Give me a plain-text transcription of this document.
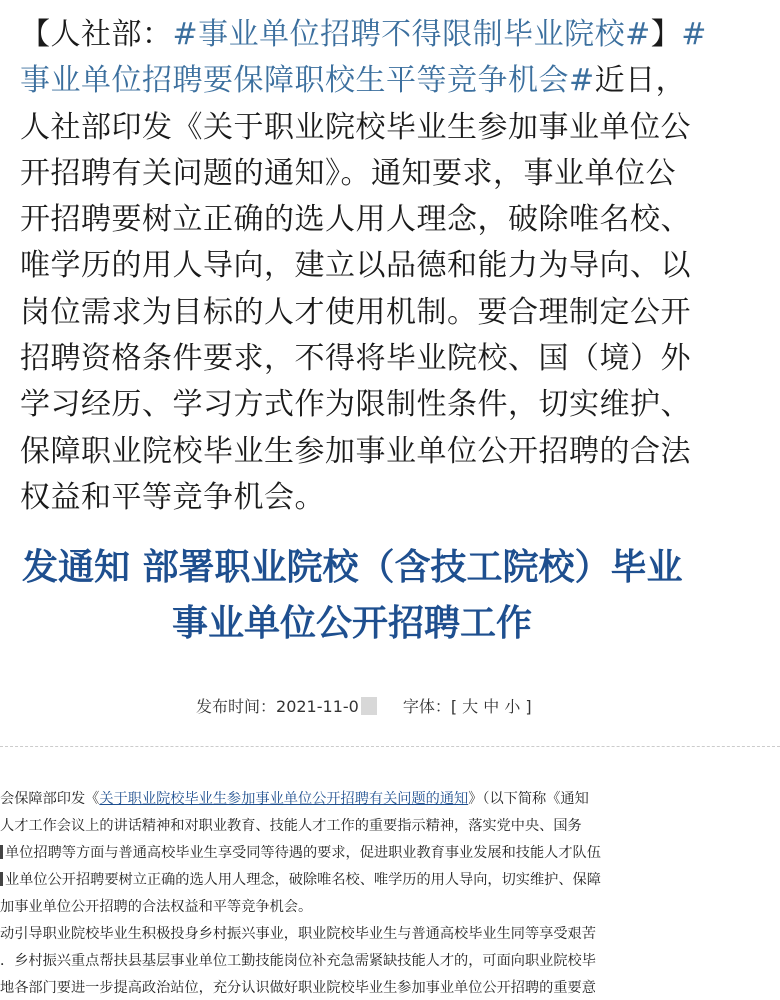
【人社部：#事业单位招聘不得限制毕业院校#】#
事业单位招聘要保障职校生平等竞争机会#近日，
人社部印发《关于职业院校毕业生参加事业单位公
开招聘有关问题的通知》。通知要求，事业单位公
开招聘要树立正确的选人用人理念，破除唯名校、
唯学历的用人导向，建立以品德和能力为导向、以
岗位需求为目标的人才使用机制。要合理制定公开
招聘资格条件要求，不得将毕业院校、国（境）外
学习经历、学习方式作为限制性条件，切实维护、
保障职业院校毕业生参加事业单位公开招聘的合法
权益和平等竞争机会。
发通知 部署职业院校（含技工院校）毕业
事业单位公开招聘工作
发布时间：2021-11-0	字体：[ 大 中 小 ]
会保障部印发《关于职业院校毕业生参加事业单位公开招聘有关问题的通知》（以下简称《通知
人才工作会议上的讲话精神和对职业教育、技能人才工作的重要指示精神，落实党中央、国务
单位招聘等方面与普通高校毕业生享受同等待遇的要求，促进职业教育事业发展和技能人才队伍
业单位公开招聘要树立正确的选人用人理念，破除唯名校、唯学历的用人导向，切实维护、保障
加事业单位公开招聘的合法权益和平等竞争机会。
动引导职业院校毕业生积极投身乡村振兴事业，职业院校毕业生与普通高校毕业生同等享受艰苦
．乡村振兴重点帮扶县基层事业单位工勤技能岗位补充急需紧缺技能人才的，可面向职业院校毕
地各部门要进一步提高政治站位，充分认识做好职业院校毕业生参加事业单位公开招聘的重要意
